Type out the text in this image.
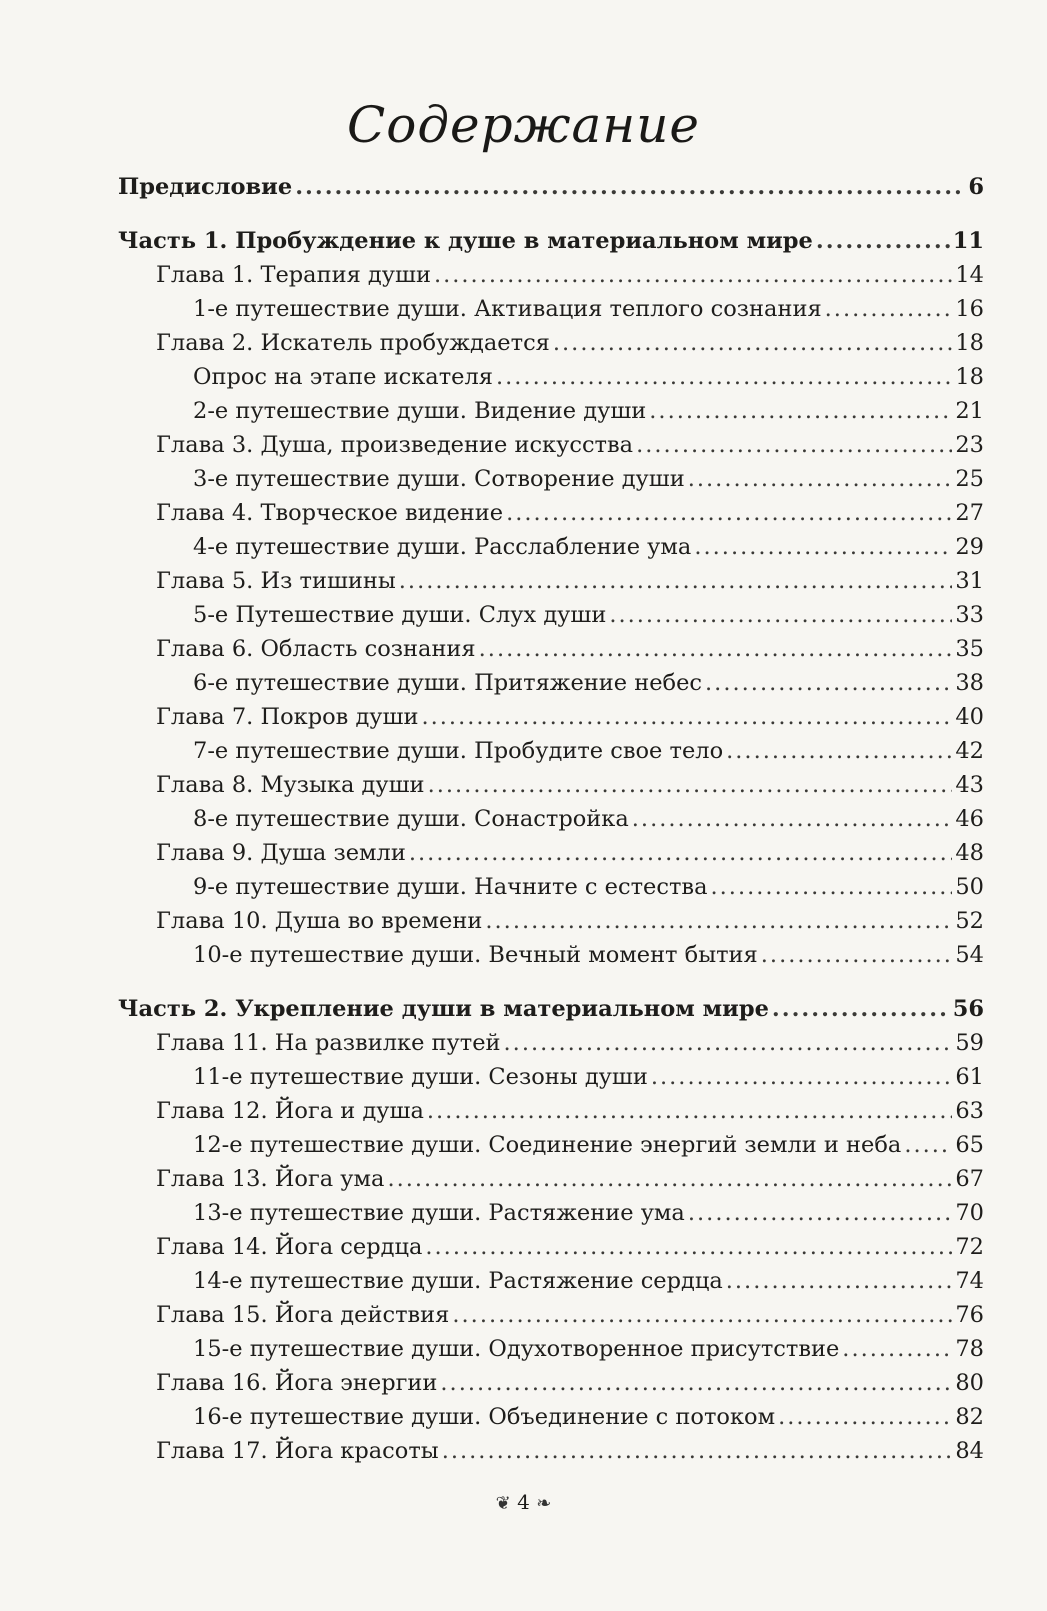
Содержание
Предисловие .....	6
Часть 1. Пробуждение к душе в материальном мире .....	11
Глава 1. Терапия души .....	14
1-е путешествие души. Активация теплого сознания .....	16
Глава 2. Искатель пробуждается .....	18
Опрос на этапе искателя .....	18
2-е путешествие души. Видение души .....	21
Глава 3. Душа, произведение искусства .....	23
3-е путешествие души. Сотворение души .....	25
Глава 4. Творческое видение .....	27
4-е путешествие души. Расслабление ума .....	29
Глава 5. Из тишины .....	31
5-е Путешествие души. Слух души .....	33
Глава 6. Область сознания .....	35
6-е путешествие души. Притяжение небес .....	38
Глава 7. Покров души .....	40
7-е путешествие души. Пробудите свое тело .....	42
Глава 8. Музыка души .....	43
8-е путешествие души. Сонастройка .....	46
Глава 9. Душа земли .....	48
9-е путешествие души. Начните с естества .....	50
Глава 10. Душа во времени .....	52
10-е путешествие души. Вечный момент бытия .....	54
Часть 2. Укрепление души в материальном мире .....	56
Глава 11. На развилке путей .....	59
11-е путешествие души. Сезоны души .....	61
Глава 12. Йога и душа .....	63
12-е путешествие души. Соединение энергий земли и неба ..... 65
Глава 13. Йога ума .....	67
13-е путешествие души. Растяжение ума .....	70
Глава 14. Йога сердца .....	72
14-е путешествие души. Растяжение сердца .....	74
Глава 15. Йога действия .....	76
15-е путешествие души. Одухотворенное присутствие .....	78
Глава 16. Йога энергии .....	80
16-е путешествие души. Объединение с потоком .....	82
Глава 17. Йога красоты .....	84
❦ 4 ❧
